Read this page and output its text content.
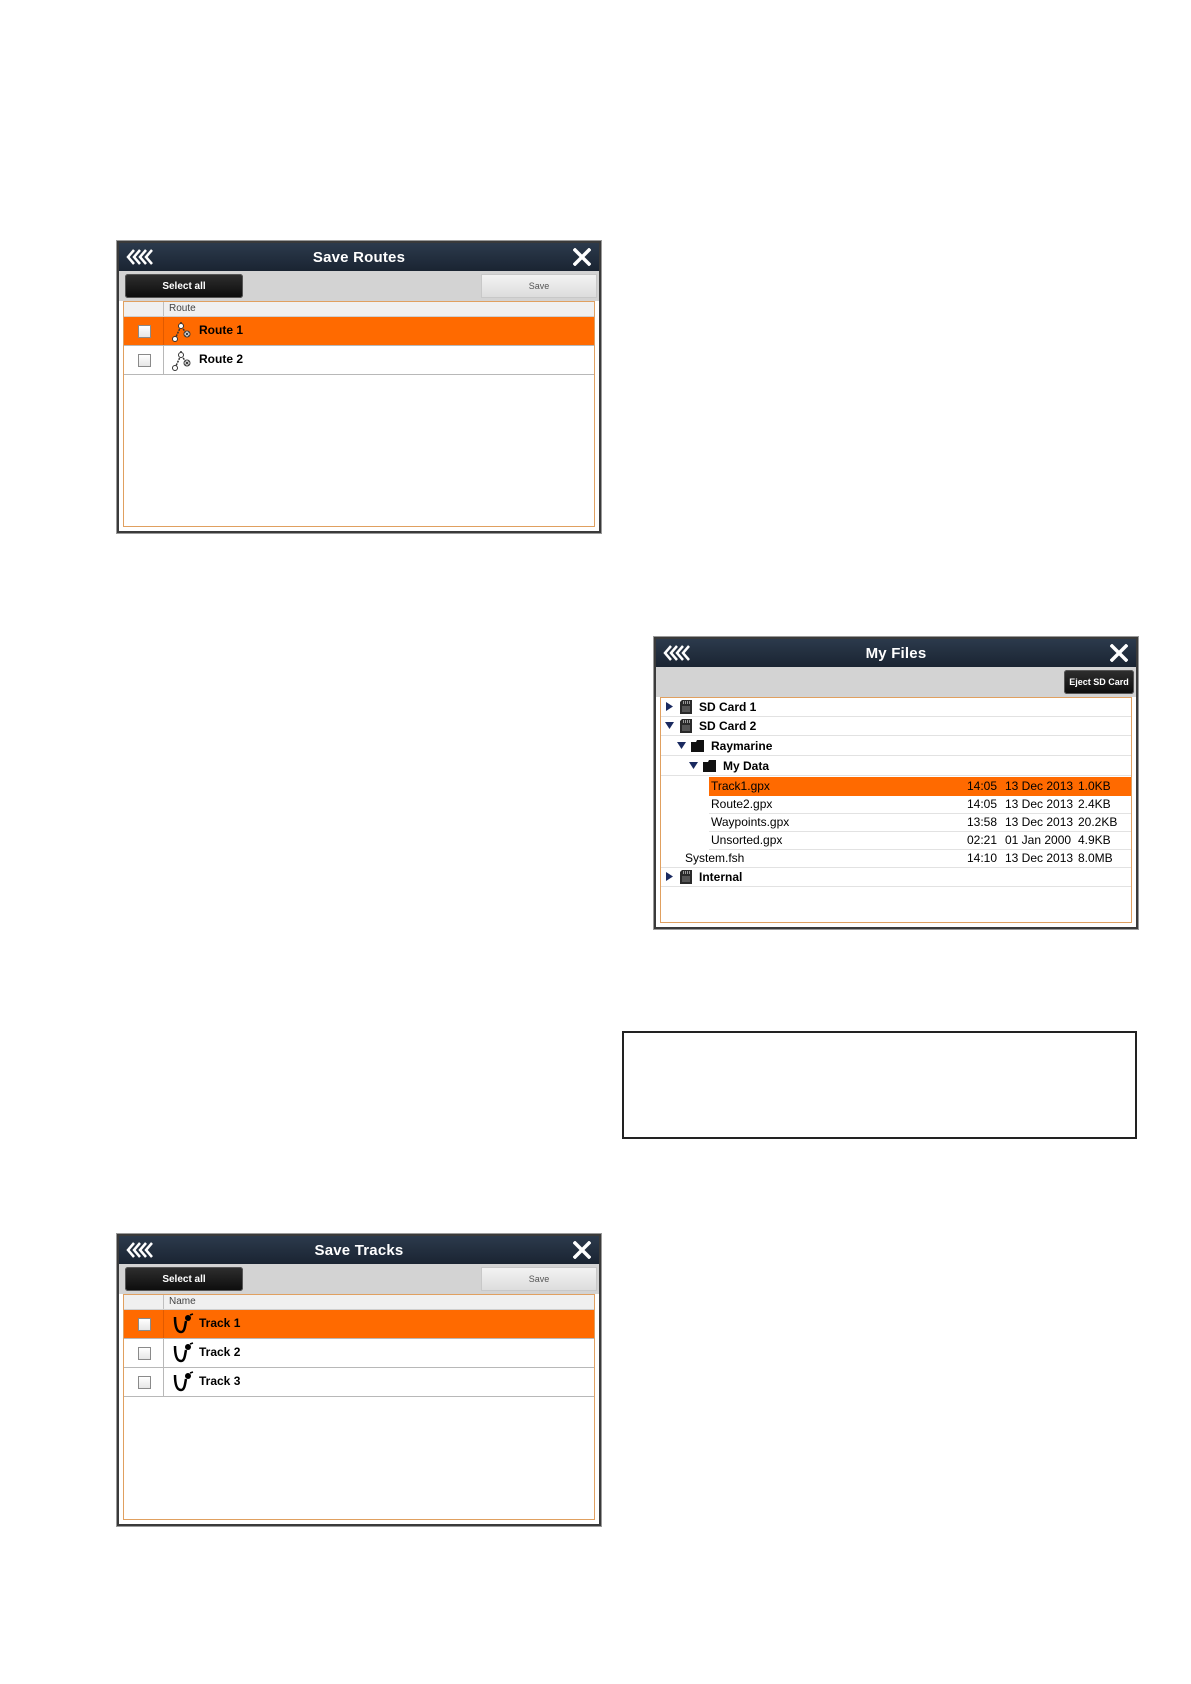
Save Routes
Select all	Save
Route
Route 1
Route 2
My Files
Eject SD Card
SD Card 1
SD Card 2
Raymarine
My Data
Track1.gpx	14:05 13 Dec 2013 1.0KB
Route2.gpx	14:05 13 Dec 2013 2.4KB
Waypoints.gpx	13:58 13 Dec 2013 20.2KB
Unsorted.gpx	02:21 01 Jan 2000 4.9KB
System.fsh	14:10 13 Dec 2013 8.0MB
Internal
Save Tracks
Select all	Save
Name
Track 1
Track 2
Track 3
